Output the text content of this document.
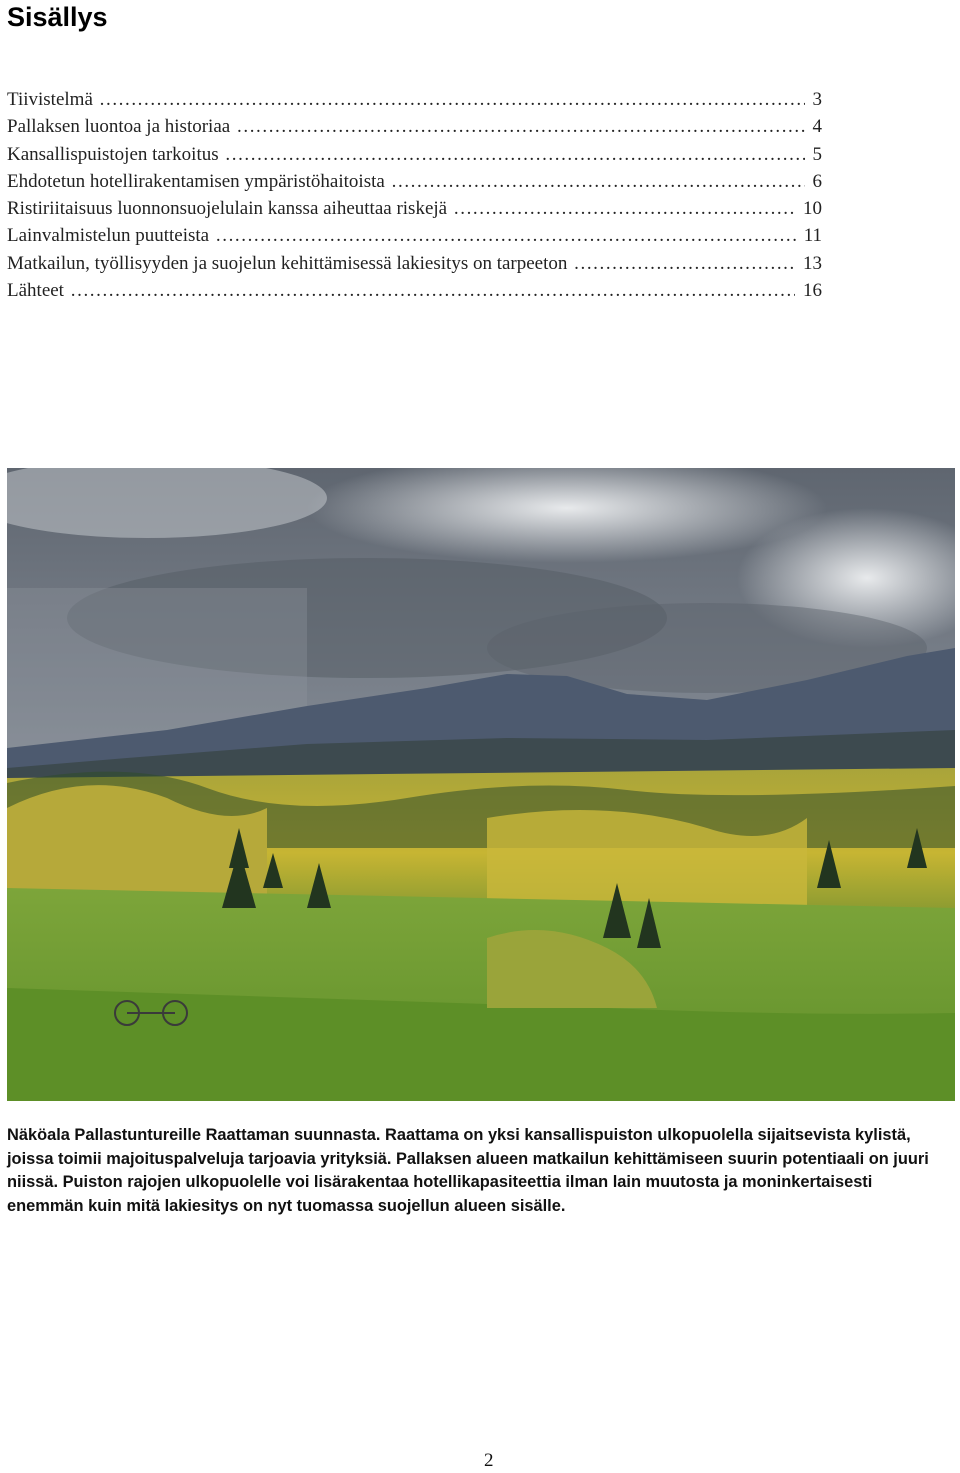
Sisällys
Tiivistelmä ………………………………………………………………………………………………………………………………………………………………………………………………	3
Pallaksen luontoa ja historiaa ………………………………………………………………………………………………………………………………………………………………………………………………	4
Kansallispuistojen tarkoitus ………………………………………………………………………………………………………………………………………………………………………………………………	5
Ehdotetun hotellirakentamisen ympäristöhaitoista ………………………………………………………………………………………………………………………………………………………………………………………………	6
Ristiriitaisuus luonnonsuojelulain kanssa aiheuttaa riskejä ………………………………………………………………………………………………………………………………………………………………………………………………	10
Lainvalmistelun puutteista ………………………………………………………………………………………………………………………………………………………………………………………………	11
Matkailun, työllisyyden ja suojelun kehittämisessä lakiesitys on tarpeeton ………………………………………………………………………………………………………………………………………………………………………………………………	13
Lähteet ………………………………………………………………………………………………………………………………………………………………………………………………	16
Näköala Pallastuntureille Raattaman suunnasta. Raattama on yksi kansallispuiston ulkopuolella sijaitsevista kylistä, joissa toimii majoituspalveluja tarjoavia yrityksiä. Pallaksen alueen matkailun kehittämiseen suurin potentiaali on juuri niissä. Puiston rajojen ulkopuolelle voi lisärakentaa hotellikapasiteettia ilman lain muutosta ja moninkertaisesti enemmän kuin mitä lakiesitys on nyt tuomassa suojellun alueen sisälle.
2
